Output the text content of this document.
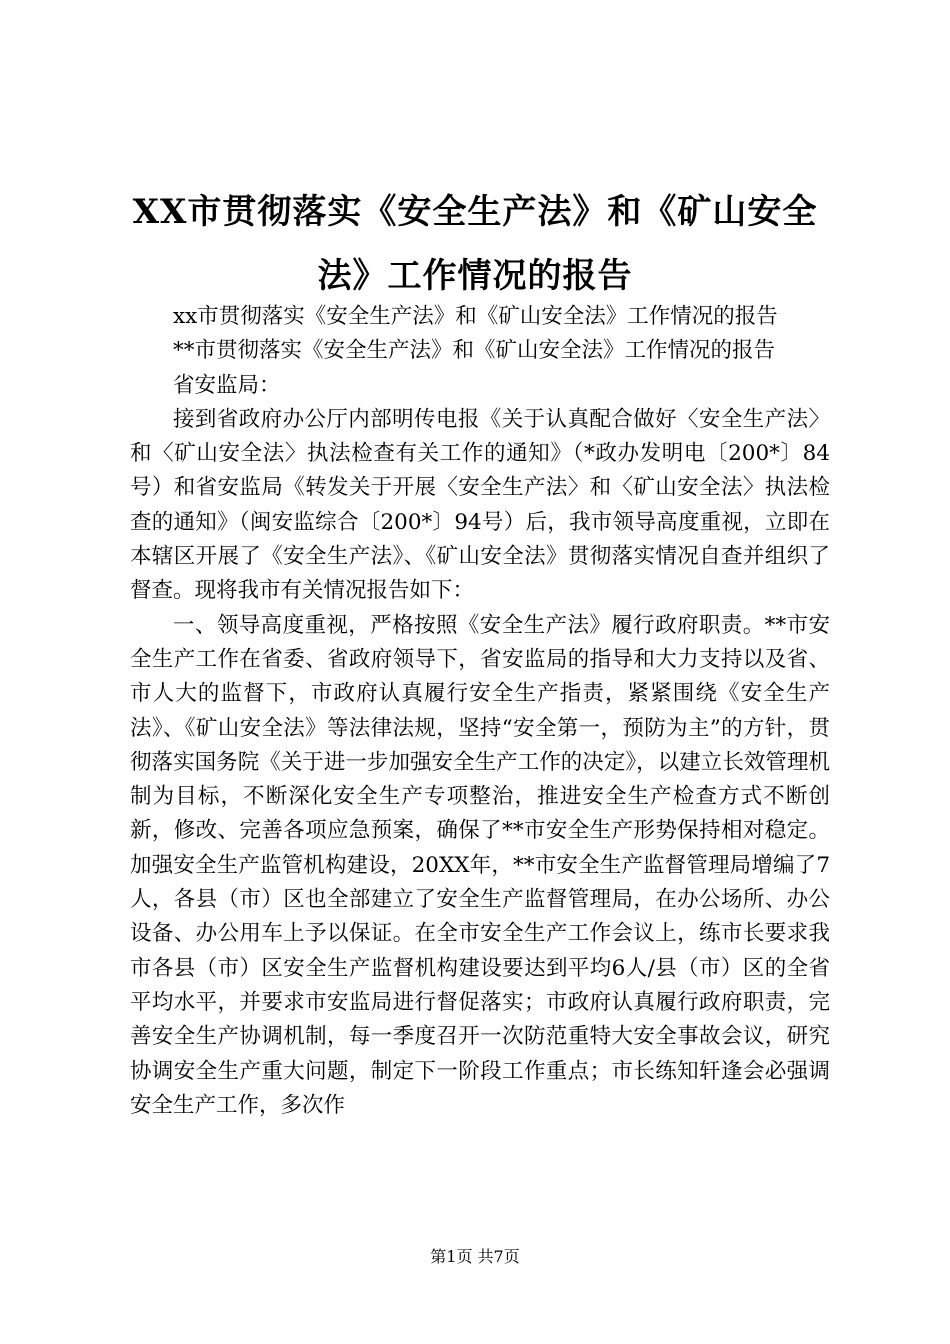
XX市贯彻落实《安全生产法》和《矿山安全法》工作情况的报告

xx市贯彻落实《安全生产法》和《矿山安全法》工作情况的报告

**市贯彻落实《安全生产法》和《矿山安全法》工作情况的报告

省安监局：

接到省政府办公厅内部明传电报《关于认真配合做好〈安全生产法〉和〈矿山安全法〉执法检查有关工作的通知》（*政办发明电〔200*〕84号）和省安监局《转发关于开展〈安全生产法〉和〈矿山安全法〉执法检查的通知》（闽安监综合〔200*〕94号）后，我市领导高度重视，立即在本辖区开展了《安全生产法》、《矿山安全法》贯彻落实情况自查并组织了督查。现将我市有关情况报告如下：

一、领导高度重视，严格按照《安全生产法》履行政府职责。**市安全生产工作在省委、省政府领导下，省安监局的指导和大力支持以及省、市人大的监督下，市政府认真履行安全生产指责，紧紧围绕《安全生产法》、《矿山安全法》等法律法规，坚持“安全第一，预防为主”的方针，贯彻落实国务院《关于进一步加强安全生产工作的决定》，以建立长效管理机制为目标，不断深化安全生产专项整治，推进安全生产检查方式不断创新，修改、完善各项应急预案，确保了**市安全生产形势保持相对稳定。加强安全生产监管机构建设，20XX年，**市安全生产监督管理局增编了7人，各县（市）区也全部建立了安全生产监督管理局，在办公场所、办公设备、办公用车上予以保证。在全市安全生产工作会议上，练市长要求我市各县（市）区安全生产监督机构建设要达到平均6人/县（市）区的全省平均水平，并要求市安监局进行督促落实；市政府认真履行政府职责，完善安全生产协调机制，每一季度召开一次防范重特大安全事故会议，研究协调安全生产重大问题，制定下一阶段工作重点；市长练知轩逢会必强调安全生产工作，多次作

第1页 共7页
